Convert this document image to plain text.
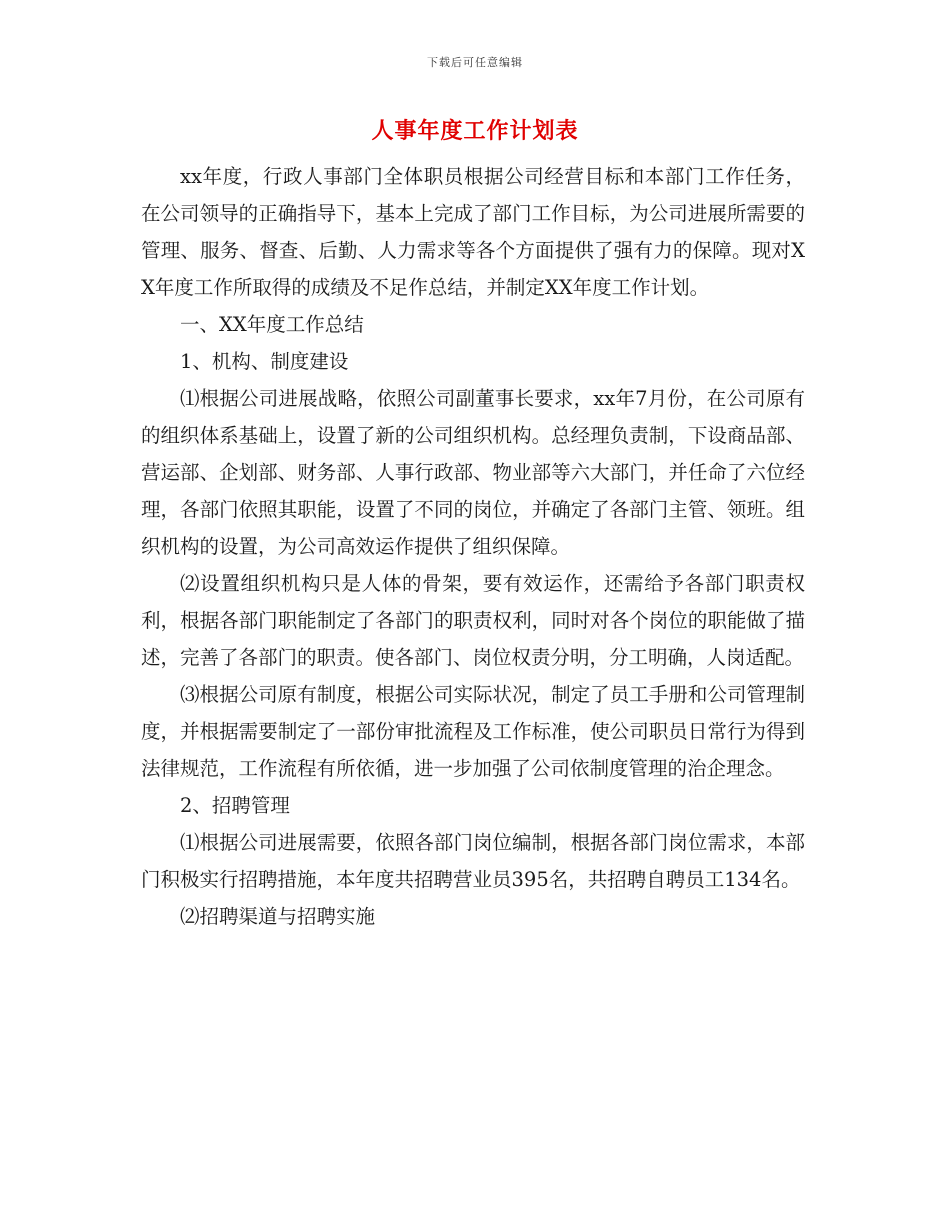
下载后可任意编辑
人事年度工作计划表

xx年度，行政人事部门全体职员根据公司经营目标和本部门工作任务，在公司领导的正确指导下，基本上完成了部门工作目标，为公司进展所需要的管理、服务、督查、后勤、人力需求等各个方面提供了强有力的保障。现对XX年度工作所取得的成绩及不足作总结，并制定XX年度工作计划。

一、XX年度工作总结

1、机构、制度建设

⑴根据公司进展战略，依照公司副董事长要求，xx年7月份，在公司原有的组织体系基础上，设置了新的公司组织机构。总经理负责制，下设商品部、营运部、企划部、财务部、人事行政部、物业部等六大部门，并任命了六位经理，各部门依照其职能，设置了不同的岗位，并确定了各部门主管、领班。组织机构的设置，为公司高效运作提供了组织保障。

⑵设置组织机构只是人体的骨架，要有效运作，还需给予各部门职责权利，根据各部门职能制定了各部门的职责权利，同时对各个岗位的职能做了描述，完善了各部门的职责。使各部门、岗位权责分明，分工明确，人岗适配。

⑶根据公司原有制度，根据公司实际状况，制定了员工手册和公司管理制度，并根据需要制定了一部份审批流程及工作标准，使公司职员日常行为得到法律规范，工作流程有所依循，进一步加强了公司依制度管理的治企理念。

2、招聘管理

⑴根据公司进展需要，依照各部门岗位编制，根据各部门岗位需求，本部门积极实行招聘措施，本年度共招聘营业员395名，共招聘自聘员工134名。

⑵招聘渠道与招聘实施
